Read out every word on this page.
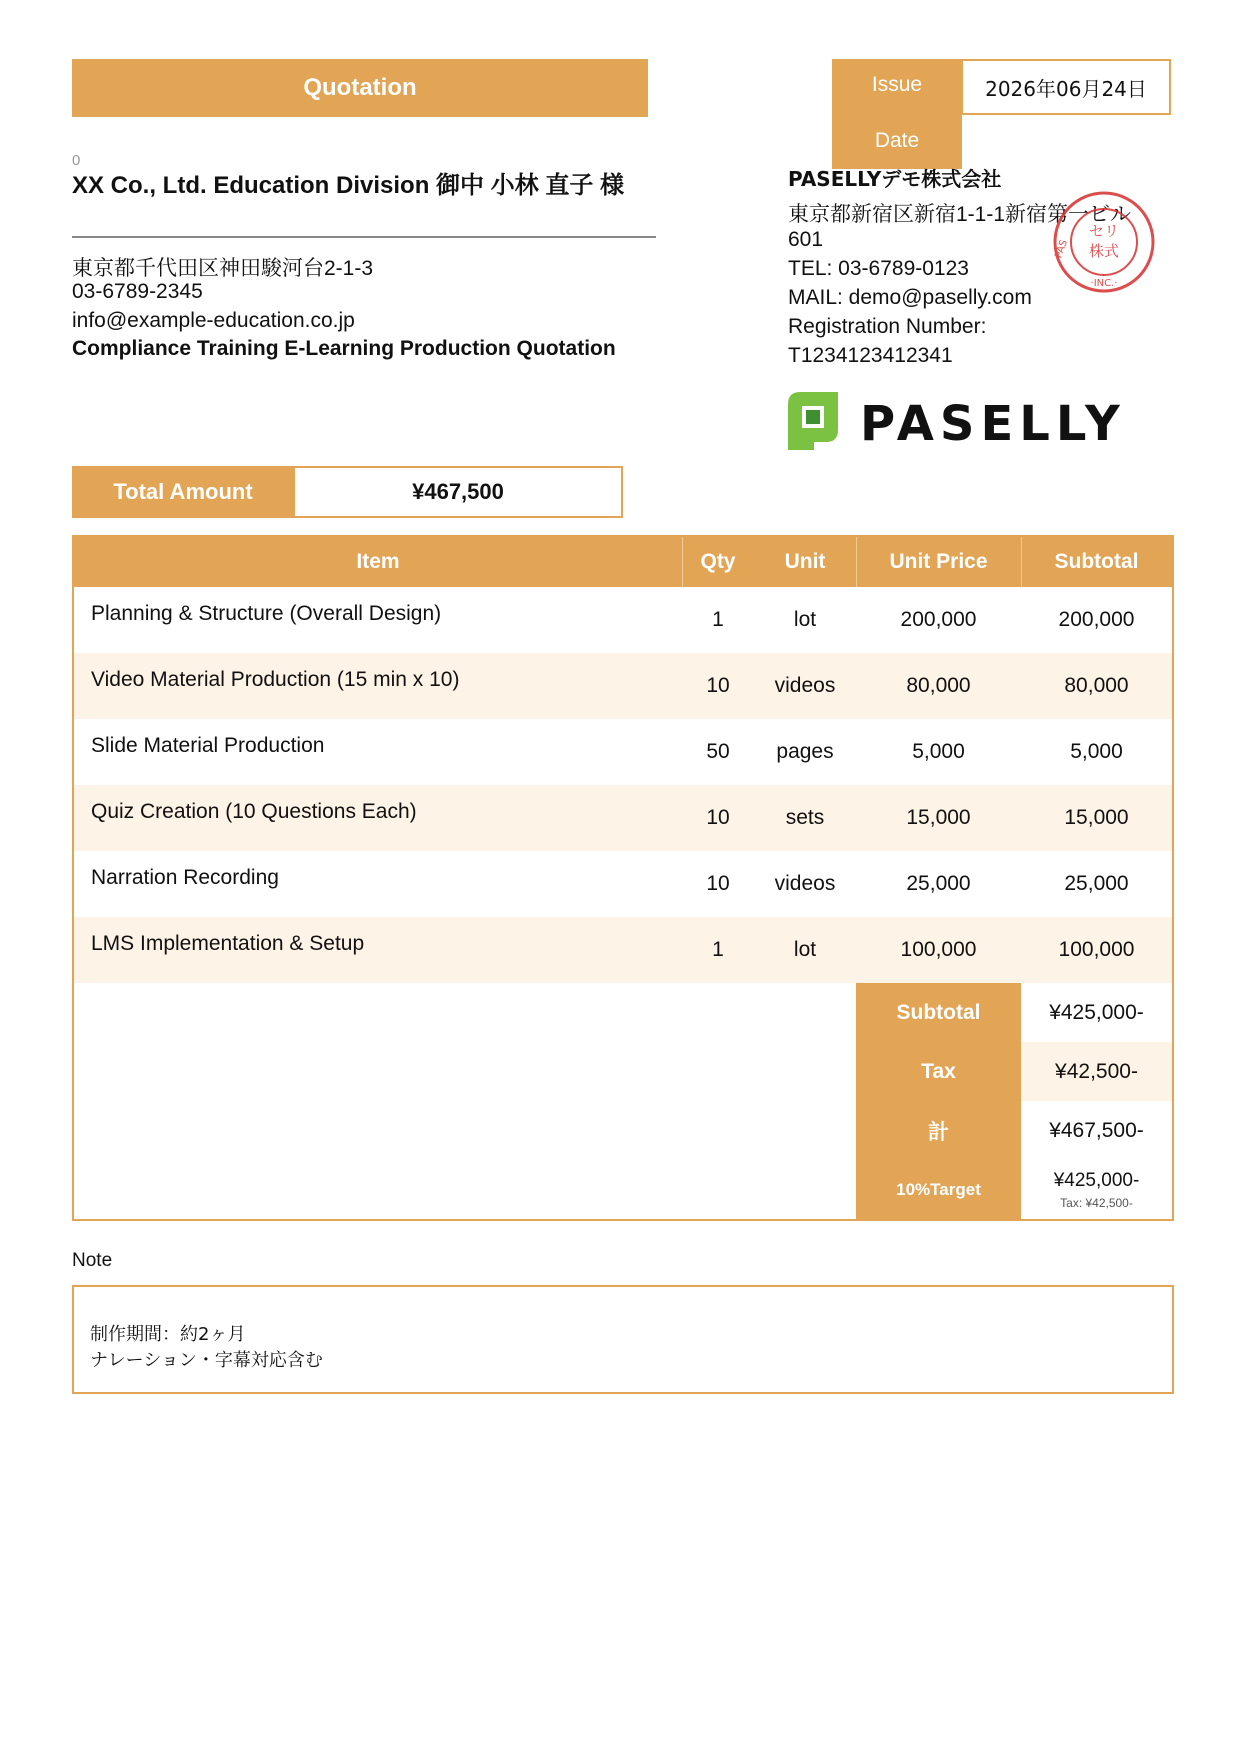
Quotation	Issue
Date
2026年06月24日
0
XX Co., Ltd. Education Division 御中 小林 直子 様
東京都千代田区神田駿河台2-1-3
03-6789-2345
info@example-education.co.jp
Compliance Training E-Learning Production Quotation
PASELLYデモ株式会社
東京都新宿区新宿1-1-1新宿第一ビル
601
TEL: 03-6789-0123
MAIL: demo@paselly.com
Registration Number:
T1234123412341
セリ
株式
·INC.·
PAS
PASELLY
Total Amount	¥467,500
Item	Qty	Unit	Unit Price	Subtotal
Planning & Structure (Overall Design)	1	lot	200,000	200,000
Video Material Production (15 min x 10)	10	videos	80,000	80,000
Slide Material Production	50	pages	5,000	5,000
Quiz Creation (10 Questions Each)	10	sets	15,000	15,000
Narration Recording	10	videos	25,000	25,000
LMS Implementation & Setup	1	lot	100,000	100,000
Subtotal	¥425,000-
Tax	¥42,500-
計	¥467,500-
10%Target	¥425,000-
Tax: ¥42,500-
Note
制作期間：約2ヶ月
ナレーション・字幕対応含む
